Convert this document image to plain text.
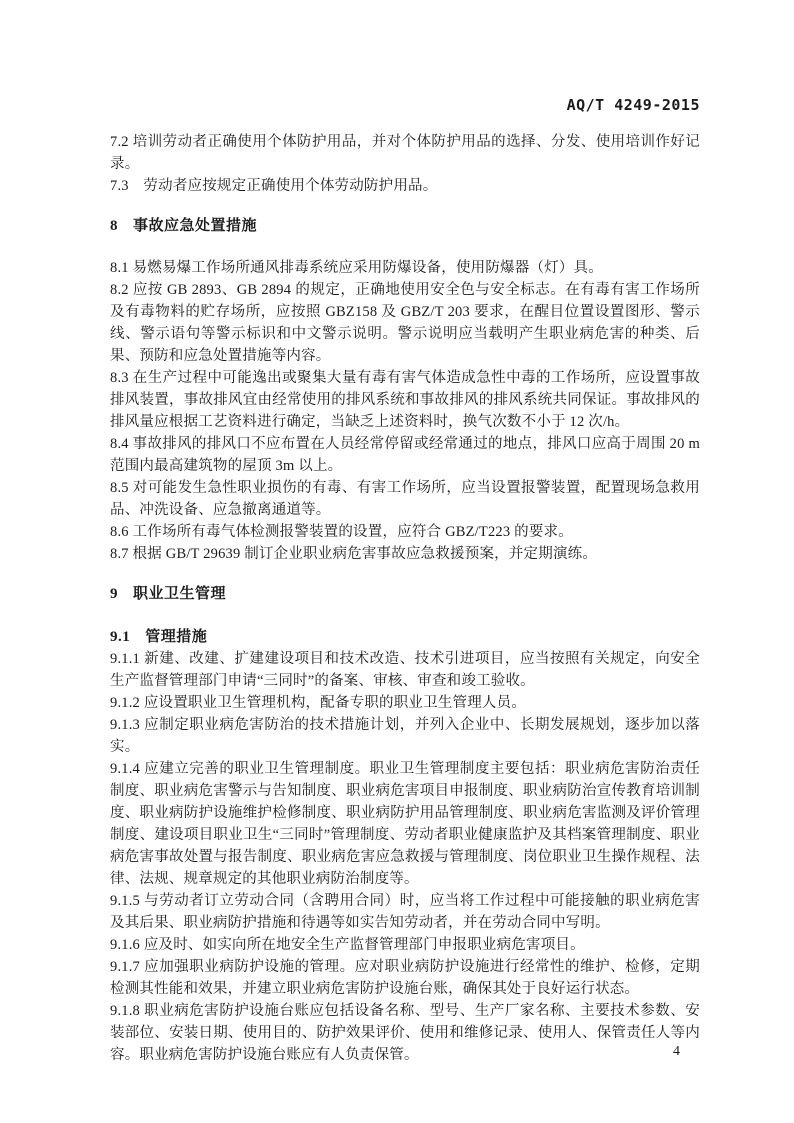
AQ/T 4249-2015

7.2 培训劳动者正确使用个体防护用品，并对个体防护用品的选择、分发、使用培训作好记录。

7.3　劳动者应按规定正确使用个体劳动防护用品。

8 事故应急处置措施

8.1 易燃易爆工作场所通风排毒系统应采用防爆设备，使用防爆器（灯）具。

8.2 应按 GB 2893、GB 2894 的规定，正确地使用安全色与安全标志。在有毒有害工作场所及有毒物料的贮存场所，应按照 GBZ158 及 GBZ/T 203 要求，在醒目位置设置图形、警示线、警示语句等警示标识和中文警示说明。警示说明应当载明产生职业病危害的种类、后果、预防和应急处置措施等内容。

8.3 在生产过程中可能逸出或聚集大量有毒有害气体造成急性中毒的工作场所，应设置事故排风装置，事故排风宜由经常使用的排风系统和事故排风的排风系统共同保证。事故排风的排风量应根据工艺资料进行确定，当缺乏上述资料时，换气次数不小于 12 次/h。

8.4 事故排风的排风口不应布置在人员经常停留或经常通过的地点，排风口应高于周围 20 m 范围内最高建筑物的屋顶 3m 以上。

8.5 对可能发生急性职业损伤的有毒、有害工作场所，应当设置报警装置，配置现场急救用品、冲洗设备、应急撤离通道等。

8.6 工作场所有毒气体检测报警装置的设置，应符合 GBZ/T223 的要求。

8.7 根据 GB/T 29639 制订企业职业病危害事故应急救援预案，并定期演练。

9 职业卫生管理
9.1 管理措施

9.1.1 新建、改建、扩建建设项目和技术改造、技术引进项目，应当按照有关规定，向安全生产监督管理部门申请“三同时”的备案、审核、审查和竣工验收。

9.1.2 应设置职业卫生管理机构，配备专职的职业卫生管理人员。

9.1.3 应制定职业病危害防治的技术措施计划，并列入企业中、长期发展规划，逐步加以落实。

9.1.4 应建立完善的职业卫生管理制度。职业卫生管理制度主要包括：职业病危害防治责任制度、职业病危害警示与告知制度、职业病危害项目申报制度、职业病防治宣传教育培训制度、职业病防护设施维护检修制度、职业病防护用品管理制度、职业病危害监测及评价管理制度、建设项目职业卫生“三同时”管理制度、劳动者职业健康监护及其档案管理制度、职业病危害事故处置与报告制度、职业病危害应急救援与管理制度、岗位职业卫生操作规程、法律、法规、规章规定的其他职业病防治制度等。

9.1.5 与劳动者订立劳动合同（含聘用合同）时，应当将工作过程中可能接触的职业病危害及其后果、职业病防护措施和待遇等如实告知劳动者，并在劳动合同中写明。

9.1.6 应及时、如实向所在地安全生产监督管理部门申报职业病危害项目。

9.1.7 应加强职业病防护设施的管理。应对职业病防护设施进行经常性的维护、检修，定期检测其性能和效果，并建立职业病危害防护设施台账，确保其处于良好运行状态。

9.1.8 职业病危害防护设施台账应包括设备名称、型号、生产厂家名称、主要技术参数、安装部位、安装日期、使用目的、防护效果评价、使用和维修记录、使用人、保管责任人等内容。职业病危害防护设施台账应有人负责保管。	4
